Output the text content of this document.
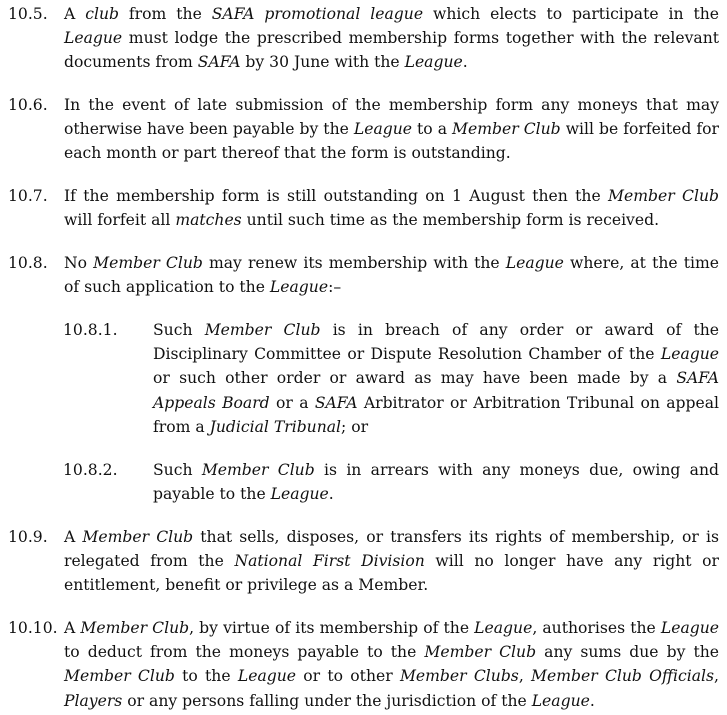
10.5. A club from the SAFA promotional league which elects to participate in the League must lodge the prescribed membership forms together with the relevant documents from SAFA by 30 June with the League.
10.6. In the event of late submission of the membership form any moneys that may otherwise have been payable by the League to a Member Club will be forfeited for each month or part thereof that the form is outstanding.
10.7. If the membership form is still outstanding on 1 August then the Member Club will forfeit all matches until such time as the membership form is received.
10.8. No Member Club may renew its membership with the League where, at the time of such application to the League:–
10.8.1. Such Member Club is in breach of any order or award of the Disciplinary Committee or Dispute Resolution Chamber of the League or such other order or award as may have been made by a SAFA Appeals Board or a SAFA Arbitrator or Arbitration Tribunal on appeal from a Judicial Tribunal; or
10.8.2. Such Member Club is in arrears with any moneys due, owing and payable to the League.
10.9. A Member Club that sells, disposes, or transfers its rights of membership, or is relegated from the National First Division will no longer have any right or entitlement, benefit or privilege as a Member.
10.10. A Member Club, by virtue of its membership of the League, authorises the League to deduct from the moneys payable to the Member Club any sums due by the Member Club to the League or to other Member Clubs, Member Club Officials, Players or any persons falling under the jurisdiction of the League.
